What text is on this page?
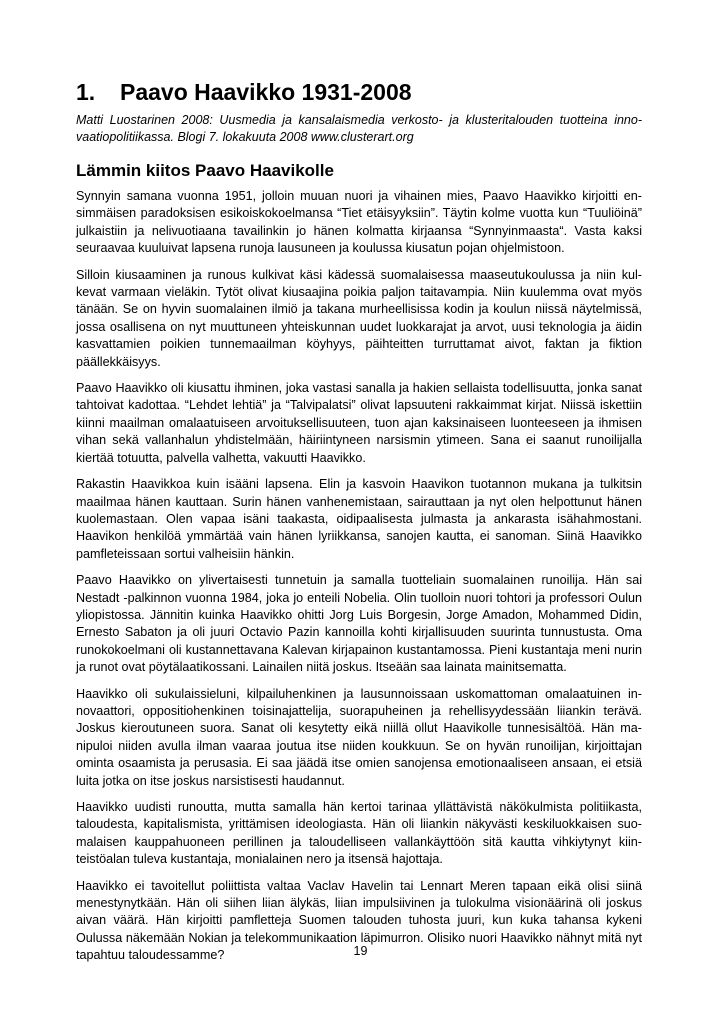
1.	Paavo Haavikko 1931-2008

Matti Luostarinen 2008: Uusmedia ja kansalaismedia verkosto- ja klusteritalouden tuotteina innovaatiopolitiikassa. Blogi 7. lokakuuta 2008 www.clusterart.org

Lämmin kiitos Paavo Haavikolle

Synnyin samana vuonna 1951, jolloin muuan nuori ja vihainen mies, Paavo Haavikko kirjoitti ensimmäisen paradoksisen esikoiskokoelmansa “Tiet etäisyyksiin”. Täytin kolme vuotta kun “Tuuliöinä” julkaistiin ja nelivuotiaana tavailinkin jo hänen kolmatta kirjaansa “Synnyinmaasta“. Vasta kaksi seuraavaa kuuluivat lapsena runoja lausuneen ja koulussa kiusatun pojan ohjelmistoon.

Silloin kiusaaminen ja runous kulkivat käsi kädessä suomalaisessa maaseutukoulussa ja niin kulkevat varmaan vieläkin. Tytöt olivat kiusaajina poikia paljon taitavampia. Niin kuulemma ovat myös tänään. Se on hyvin suomalainen ilmiö ja takana murheellisissa kodin ja koulun niissä näytelmissä, jossa osallisena on nyt muuttuneen yhteiskunnan uudet luokkarajat ja arvot, uusi teknologia ja äidin kasvattamien poikien tunnemaailman köyhyys, päihteitten turruttamat aivot, faktan ja fiktion päällekkäisyys.

Paavo Haavikko oli kiusattu ihminen, joka vastasi sanalla ja hakien sellaista todellisuutta, jonka sanat tahtoivat kadottaa. “Lehdet lehtiä” ja “Talvipalatsi” olivat lapsuuteni rakkaimmat kirjat. Niissä iskettiin kiinni maailman omalaatuiseen arvoituksellisuuteen, tuon ajan kaksinaiseen luonteeseen ja ihmisen vihan sekä vallanhalun yhdistelmään, häiriintyneen narsismin ytimeen. Sana ei saanut runoilijalla kiertää totuutta, palvella valhetta, vakuutti Haavikko.

Rakastin Haavikkoa kuin isääni lapsena. Elin ja kasvoin Haavikon tuotannon mukana ja tulkitsin maailmaa hänen kauttaan. Surin hänen vanhenemistaan, sairauttaan ja nyt olen helpottunut hänen kuolemastaan. Olen vapaa isäni taakasta, oidipaalisesta julmasta ja ankarasta isähahmostani. Haavikon henkilöä ymmärtää vain hänen lyriikkansa, sanojen kautta, ei sanoman. Siinä Haavikko pamfleteissaan sortui valheisiin hänkin.

Paavo Haavikko on ylivertaisesti tunnetuin ja samalla tuotteliain suomalainen runoilija. Hän sai Nestadt -palkinnon vuonna 1984, joka jo enteili Nobelia. Olin tuolloin nuori tohtori ja professori Oulun yliopistossa. Jännitin kuinka Haavikko ohitti Jorg Luis Borgesin, Jorge Amadon, Mohammed Didin, Ernesto Sabaton ja oli juuri Octavio Pazin kannoilla kohti kirjallisuuden suurinta tunnustusta. Oma runokokoelmani oli kustannettavana Kalevan kirjapainon kustantamossa. Pieni kustantaja meni nurin ja runot ovat pöytälaatikossani. Lainailen niitä joskus. Itseään saa lainata mainitsematta.

Haavikko oli sukulaissieluni, kilpailuhenkinen ja lausunnoissaan uskomattoman omalaatuinen innovaattori, oppositiohenkinen toisinajattelija, suorapuheinen ja rehellisyydessään liiankin terävä. Joskus kieroutuneen suora. Sanat oli kesytetty eikä niillä ollut Haavikolle tunnesisältöä. Hän manipuloi niiden avulla ilman vaaraa joutua itse niiden koukkuun. Se on hyvän runoilijan, kirjoittajan ominta osaamista ja perusasia. Ei saa jäädä itse omien sanojensa emotionaaliseen ansaan, ei etsiä luita jotka on itse joskus narsistisesti haudannut.

Haavikko uudisti runoutta, mutta samalla hän kertoi tarinaa yllättävistä näkökulmista politiikasta, taloudesta, kapitalismista, yrittämisen ideologiasta. Hän oli liiankin näkyvästi keskiluokkaisen suomalaisen kauppahuoneen perillinen ja taloudelliseen vallankäyttöön sitä kautta vihkiytynyt kiinteistöalan tuleva kustantaja, monialainen nero ja itsensä hajottaja.

Haavikko ei tavoitellut poliittista valtaa Vaclav Havelin tai Lennart Meren tapaan eikä olisi siinä menestynytkään. Hän oli siihen liian älykäs, liian impulsiivinen ja tulokulma visionäärinä oli joskus aivan väärä. Hän kirjoitti pamfletteja Suomen talouden tuhosta juuri, kun kuka tahansa kykeni Oulussa näkemään Nokian ja telekommunikaation läpimurron. Olisiko nuori Haavikko nähnyt mitä nyt tapahtuu taloudessamme?	19
